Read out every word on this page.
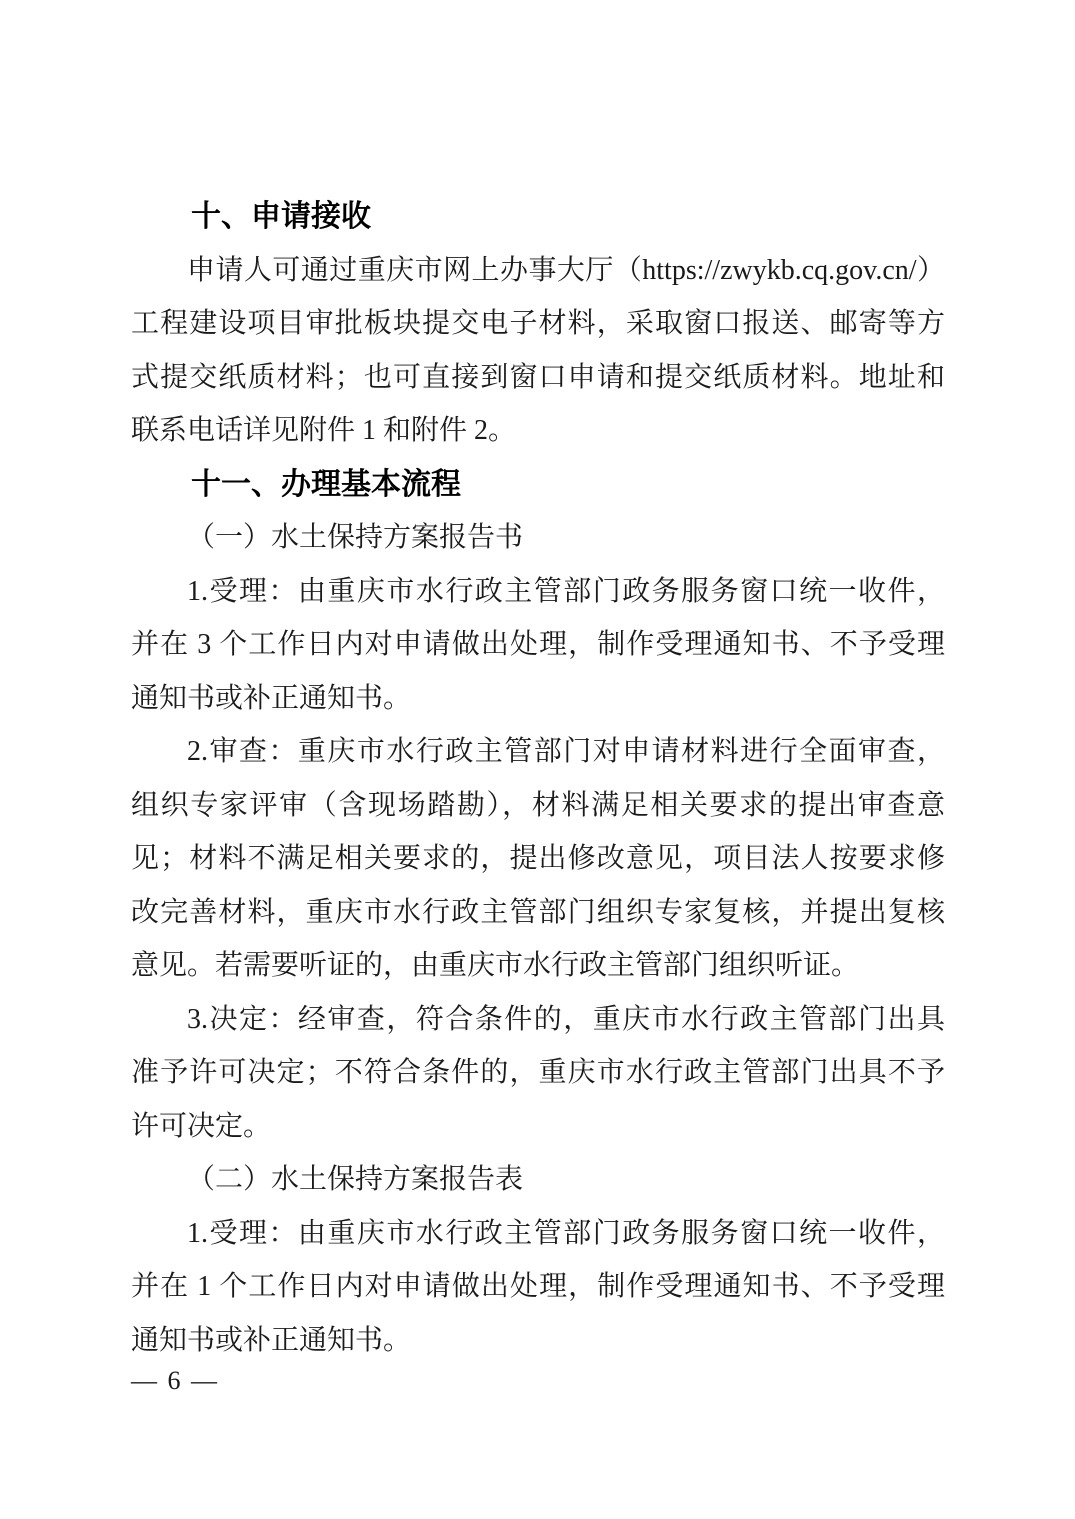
十、申请接收
申请人可通过重庆市网上办事大厅（https://zwykb.cq.gov.cn/）
工程建设项目审批板块提交电子材料，采取窗口报送、邮寄等方
式提交纸质材料；也可直接到窗口申请和提交纸质材料。地址和
联系电话详见附件 1 和附件 2。
十一、办理基本流程
（一）水土保持方案报告书
1.受理：由重庆市水行政主管部门政务服务窗口统一收件，
并在 3 个工作日内对申请做出处理，制作受理通知书、不予受理
通知书或补正通知书。
2.审查：重庆市水行政主管部门对申请材料进行全面审查，
组织专家评审（含现场踏勘），材料满足相关要求的提出审查意
见；材料不满足相关要求的，提出修改意见，项目法人按要求修
改完善材料，重庆市水行政主管部门组织专家复核，并提出复核
意见。若需要听证的，由重庆市水行政主管部门组织听证。
3.决定：经审查，符合条件的，重庆市水行政主管部门出具
准予许可决定；不符合条件的，重庆市水行政主管部门出具不予
许可决定。
（二）水土保持方案报告表
1.受理：由重庆市水行政主管部门政务服务窗口统一收件，
并在 1 个工作日内对申请做出处理，制作受理通知书、不予受理
通知书或补正通知书。
— 6 —
